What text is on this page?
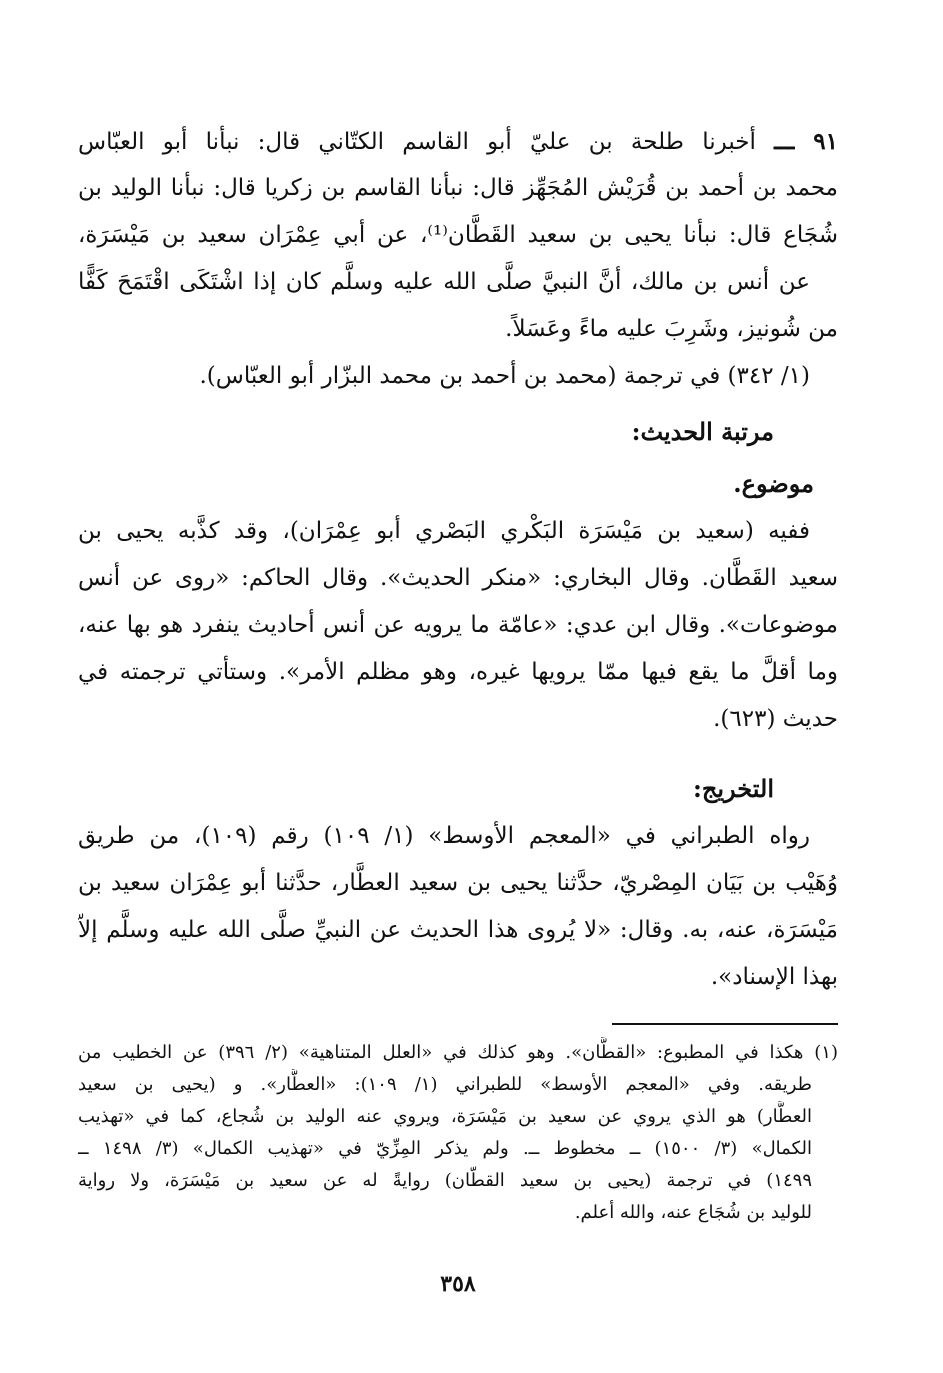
٩١ ـــ أخبرنا طلحة بن عليّ أبو القاسم الكتّاني قال: نبأنا أبو العبّاس
محمد بن أحمد بن قُرَيْش المُجَهِّز قال: نبأنا القاسم بن زكريا قال: نبأنا الوليد بن
شُجَاع قال: نبأنا يحيى بن سعيد القَطَّان⁽¹⁾، عن أبي عِمْرَان سعيد بن مَيْسَرَة،
عن أنس بن مالك، أنَّ النبيَّ صلَّى الله عليه وسلَّم كان إذا اشْتَكَى اقْتَمَحَ كَفًّا
من شُونيز، وشَرِبَ عليه ماءً وعَسَلاً.
(١/ ٣٤٢) في ترجمة (محمد بن أحمد بن محمد البزّار أبو العبّاس).
مرتبة الحديث:
موضوع.
ففيه (سعيد بن مَيْسَرَة البَكْري البَصْري أبو عِمْرَان)، وقد كذَّبه يحيى بن
سعيد القَطَّان. وقال البخاري: «منكر الحديث». وقال الحاكم: «روى عن أنس
موضوعات». وقال ابن عدي: «عامّة ما يرويه عن أنس أحاديث ينفرد هو بها عنه،
وما أقلَّ ما يقع فيها ممّا يرويها غيره، وهو مظلم الأمر». وستأتي ترجمته في
حديث (٦٢٣).
التخريج:
رواه الطبراني في «المعجم الأوسط» (١/ ١٠٩) رقم (١٠٩)، من طريق
وُهَيْب بن بَيَان المِصْريّ، حدَّثنا يحيى بن سعيد العطَّار، حدَّثنا أبو عِمْرَان سعيد بن
مَيْسَرَة، عنه، به. وقال: «لا يُروى هذا الحديث عن النبيِّ صلَّى الله عليه وسلَّم إلاّ
بهذا الإسناد».
(١) هكذا في المطبوع: «القطَّان». وهو كذلك في «العلل المتناهية» (٢/ ٣٩٦) عن الخطيب من
طريقه. وفي «المعجم الأوسط» للطبراني (١/ ١٠٩): «العطَّار». و (يحيى بن سعيد
العطَّار) هو الذي يروي عن سعيد بن مَيْسَرَة، ويروي عنه الوليد بن شُجاع، كما في «تهذيب
الكمال» (٣/ ١٥٠٠) ــ مخطوط ــ. ولم يذكر المِزِّيّ في «تهذيب الكمال» (٣/ ١٤٩٨ ــ
١٤٩٩) في ترجمة (يحيى بن سعيد القطّان) روايةً له عن سعيد بن مَيْسَرَة، ولا رواية
للوليد بن شُجَاع عنه، والله أعلم.
٣٥٨
